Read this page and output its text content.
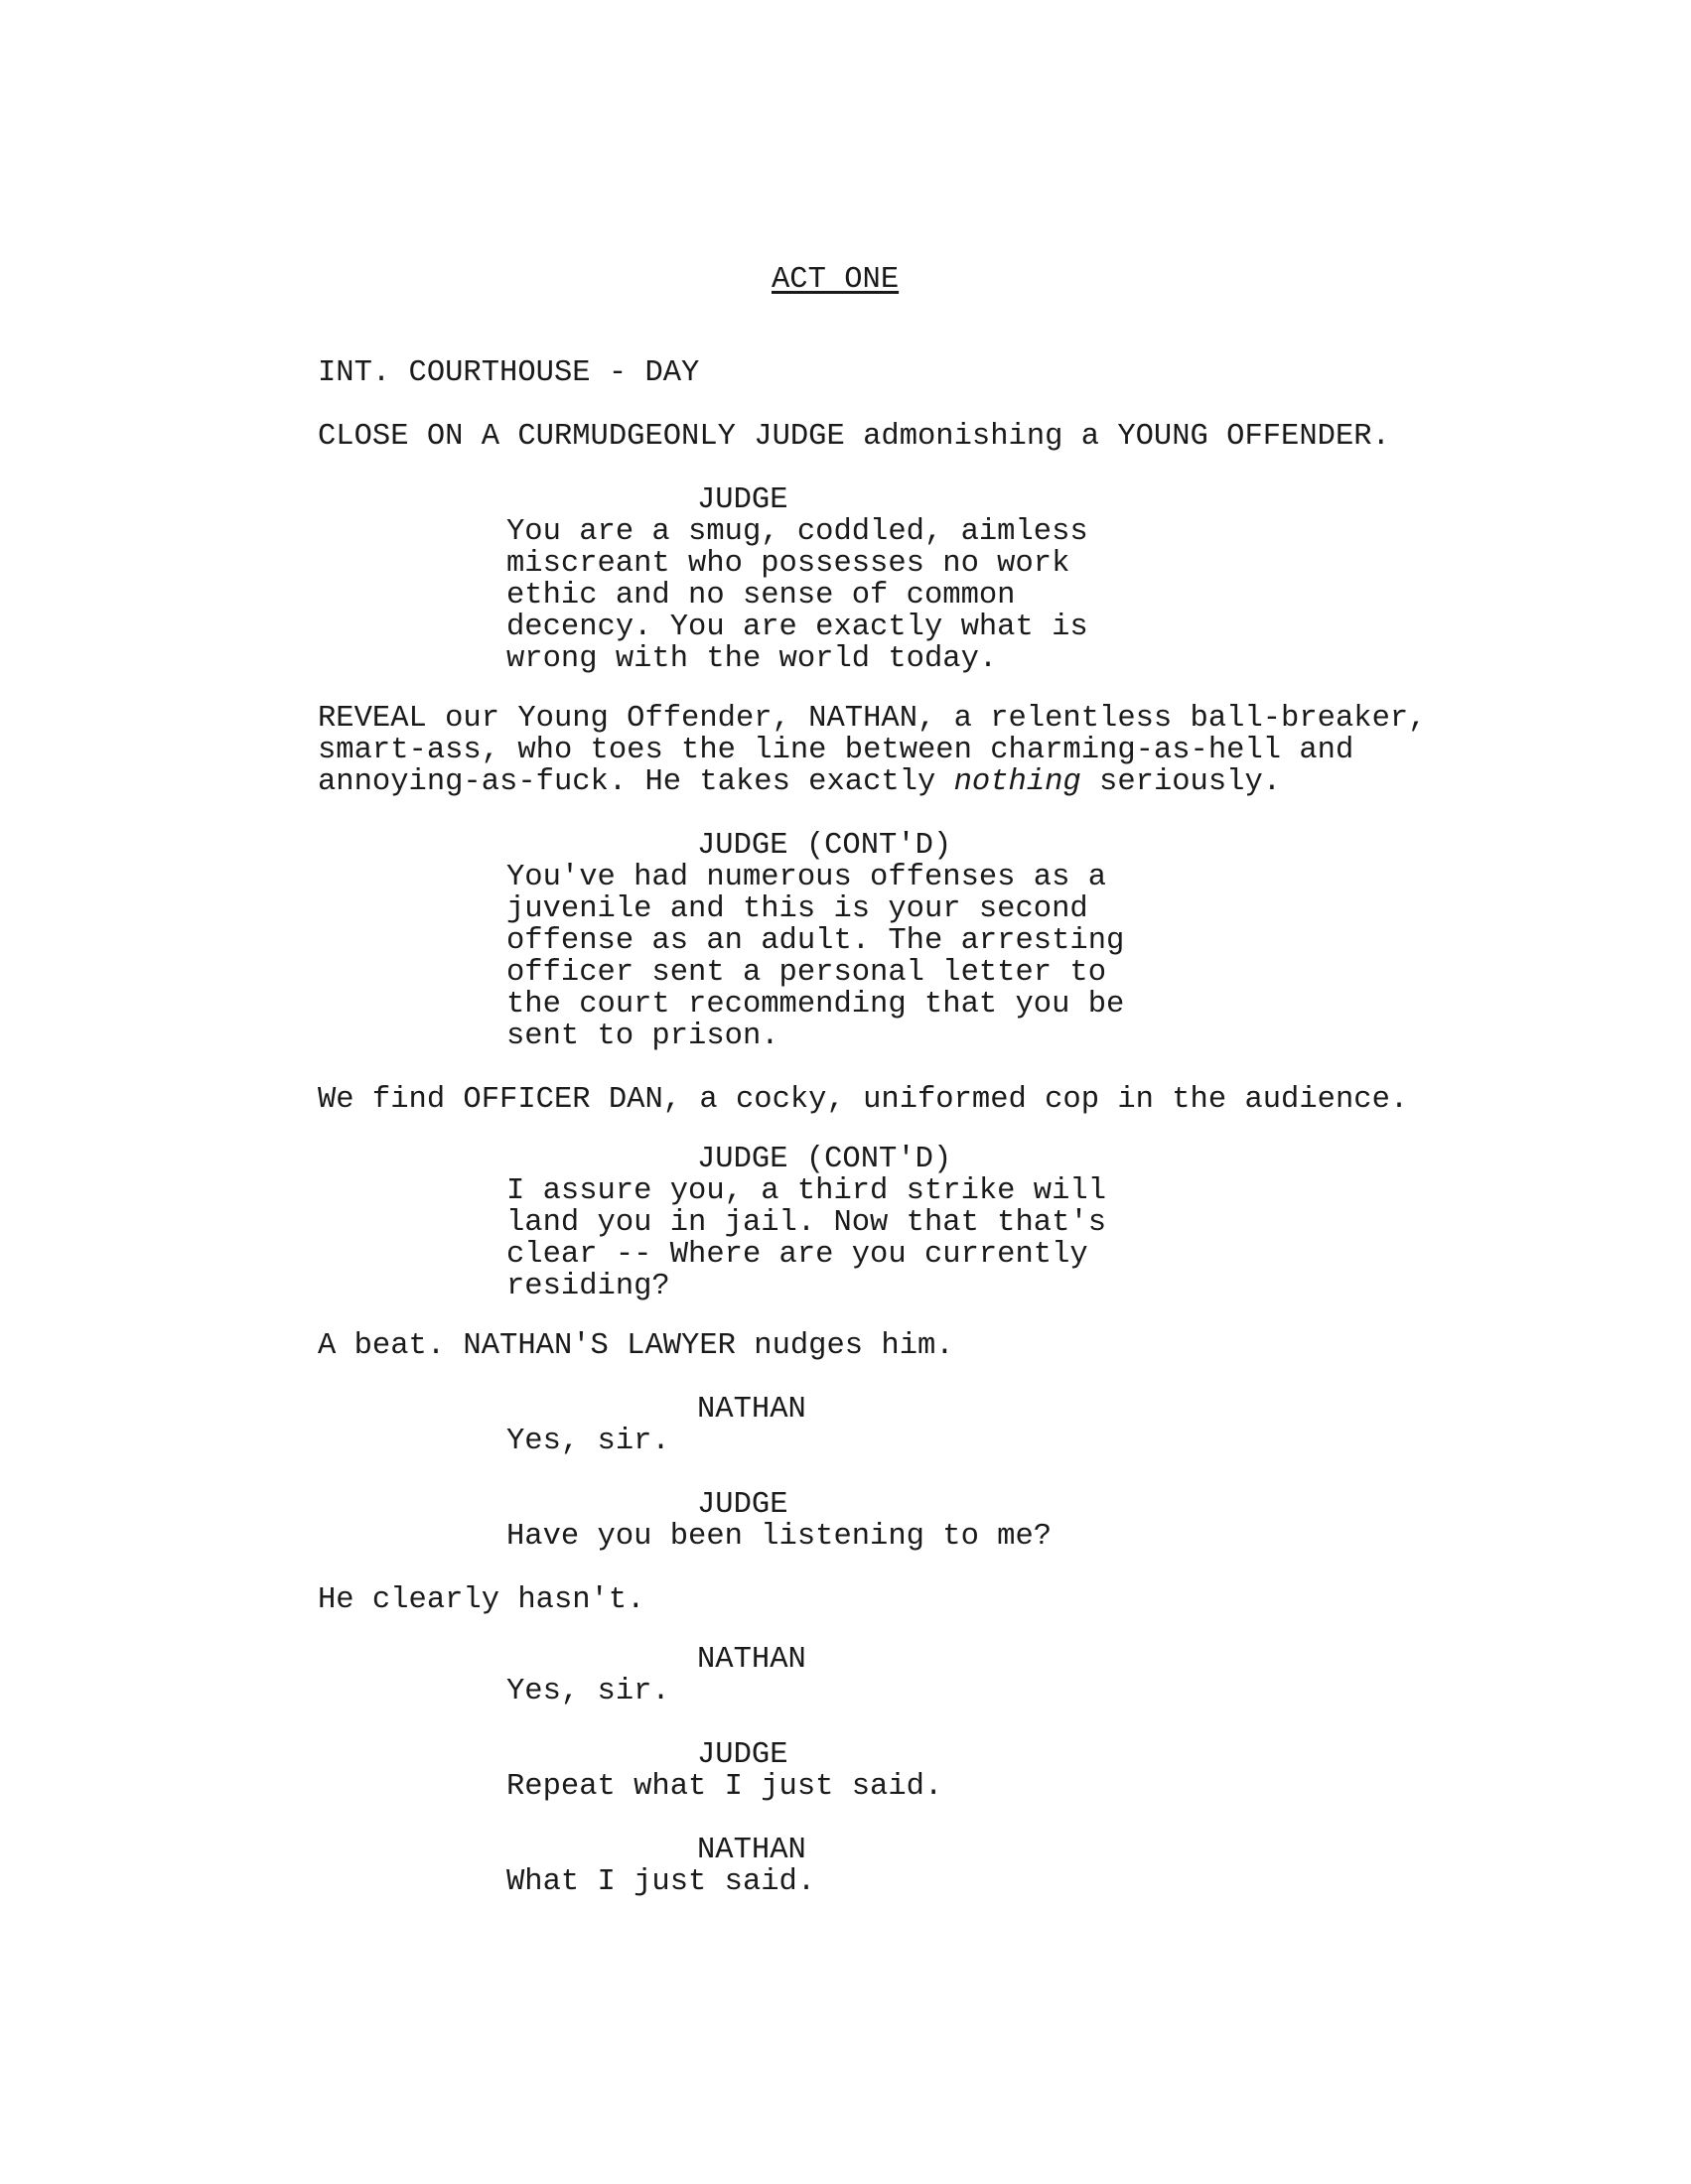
ACT ONE

INT. COURTHOUSE - DAY

CLOSE ON A CURMUDGEONLY JUDGE admonishing a YOUNG OFFENDER.

JUDGE

You are a smug, coddled, aimless

miscreant who possesses no work

ethic and no sense of common

decency. You are exactly what is

wrong with the world today.

REVEAL our Young Offender, NATHAN, a relentless ball-breaker,

smart-ass, who toes the line between charming-as-hell and

annoying-as-fuck. He takes exactly nothing seriously.

JUDGE (CONT'D)

You've had numerous offenses as a

juvenile and this is your second

offense as an adult. The arresting

officer sent a personal letter to

the court recommending that you be

sent to prison.

We find OFFICER DAN, a cocky, uniformed cop in the audience.

JUDGE (CONT'D)

I assure you, a third strike will

land you in jail. Now that that's

clear -- Where are you currently

residing?

A beat. NATHAN'S LAWYER nudges him.

NATHAN

Yes, sir.

JUDGE

Have you been listening to me?

He clearly hasn't.

NATHAN

Yes, sir.

JUDGE

Repeat what I just said.

NATHAN

What I just said.
